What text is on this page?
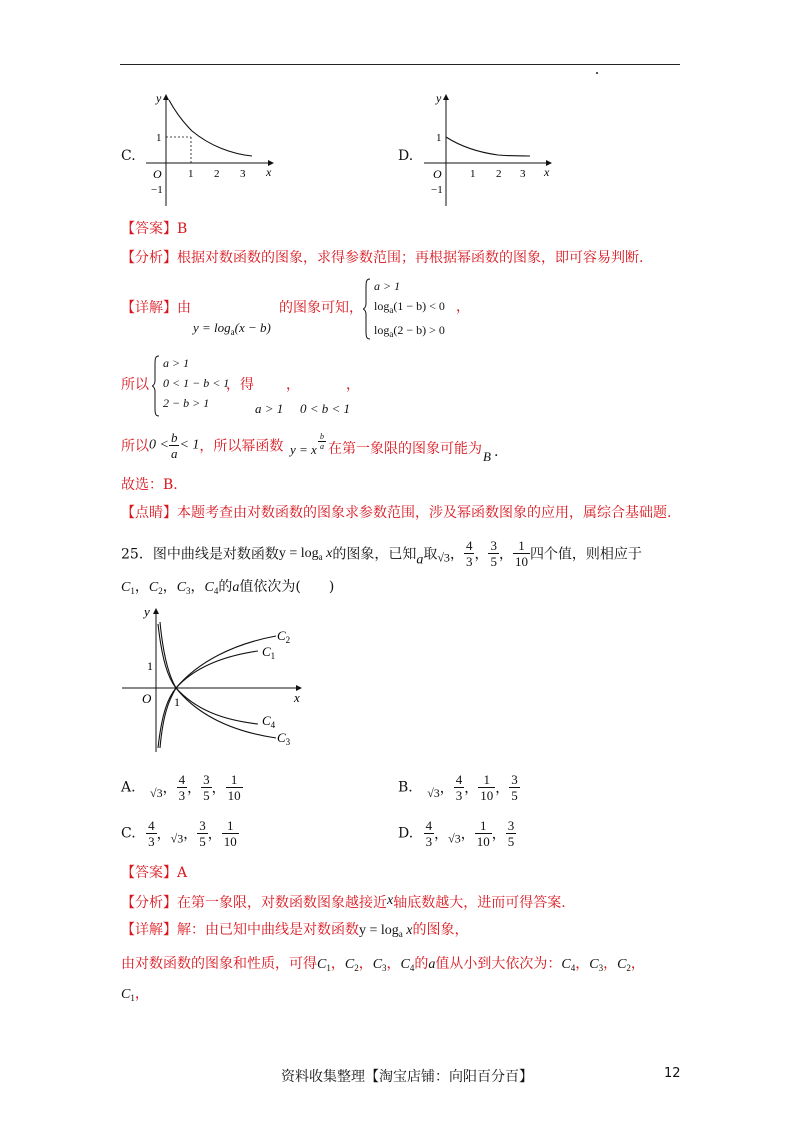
C.
y
x
O
1
−1
1 2 3
D.
y
x
O
1
−1
1 2 3
【答案】B
【分析】根据对数函数的图象，求得参数范围；再根据幂函数的图象，即可容易判断.
【详解】由	的图象可知，
$y = \log_a(x - b)$
a > 1
$\log_a(1 - b) < 0$
$\log_a(2 - b) > 0$
，
所以
a > 1
0 < 1 − b < 1
2 − b > 1
，得 ，	，
a > 1 0 < b < 1
所以$0 < \frac{b}{a} < 1$，所以幂函数 y = x $\frac{b}{a}$ 在第一象限的图象可能为 B .
故选：B.
【点睛】本题考查由对数函数的图象求参数范围，涉及幂函数图象的应用，属综合基础题.
25．图中曲线是对数函数$y = \log_a x$的图象，已知a取√3， $\frac{4}{3}$ ， $\frac{3}{5}$ ， $\frac{1}{10}$ 四个值，则相应于
$C_1$，$C_2$，$C_3$，$C_4$的a值依次为(　　)
y
x
O
1
1
$C_2$
$C_1$
$C_4$
$C_3$
A. √3， $\frac{4}{3}$ ， $\frac{3}{5}$ ， $\frac{1}{10}$	B. √3， $\frac{4}{3}$ ， $\frac{1}{10}$ ， $\frac{3}{5}$
C. $\frac{4}{3}$ ，√3， $\frac{3}{5}$ ， $\frac{1}{10}$	D. $\frac{4}{3}$ ，√3， $\frac{1}{10}$ ， $\frac{3}{5}$
【答案】A
【分析】在第一象限，对数函数图象越接近x轴底数越大，进而可得答案.
【详解】解：由已知中曲线是对数函数$y = \log_a x$的图象，
由对数函数的图象和性质，可得$C_1$，$C_2$，$C_3$，$C_4$的a值从小到大依次为：$C_4$，$C_3$，$C_2$，
$C_1$，
资料收集整理【淘宝店铺：向阳百分百】	12
